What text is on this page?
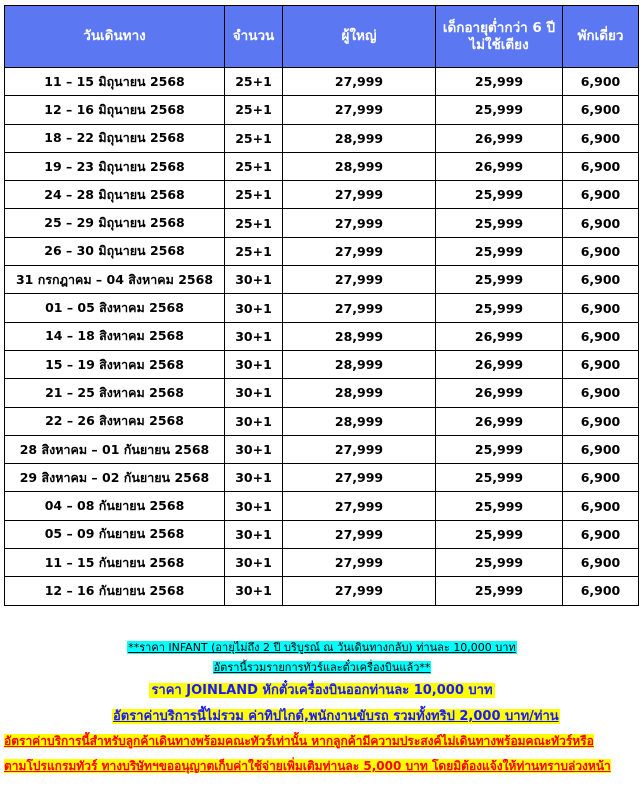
วันเดินทาง	จำนวน	ผู้ใหญ่	เด็กอายุต่ำกว่า 6 ปี ไม่ใช้เตียง	พักเดี่ยว
11 – 15 มิถุนายน 2568	25+1	27,999	25,999	6,900
12 – 16 มิถุนายน 2568	25+1	27,999	25,999	6,900
18 – 22 มิถุนายน 2568	25+1	28,999	26,999	6,900
19 – 23 มิถุนายน 2568	25+1	28,999	26,999	6,900
24 – 28 มิถุนายน 2568	25+1	27,999	25,999	6,900
25 – 29 มิถุนายน 2568	25+1	27,999	25,999	6,900
26 – 30 มิถุนายน 2568	25+1	27,999	25,999	6,900
31 กรกฎาคม – 04 สิงหาคม 2568	30+1	27,999	25,999	6,900
01 – 05 สิงหาคม 2568	30+1	27,999	25,999	6,900
14 – 18 สิงหาคม 2568	30+1	28,999	26,999	6,900
15 – 19 สิงหาคม 2568	30+1	28,999	26,999	6,900
21 – 25 สิงหาคม 2568	30+1	28,999	26,999	6,900
22 – 26 สิงหาคม 2568	30+1	28,999	26,999	6,900
28 สิงหาคม – 01 กันยายน 2568	30+1	27,999	25,999	6,900
29 สิงหาคม – 02 กันยายน 2568	30+1	27,999	25,999	6,900
04 – 08 กันยายน 2568	30+1	27,999	25,999	6,900
05 – 09 กันยายน 2568	30+1	27,999	25,999	6,900
11 – 15 กันยายน 2568	30+1	27,999	25,999	6,900
12 – 16 กันยายน 2568	30+1	27,999	25,999	6,900
**ราคา INFANT (อายุไม่ถึง 2 ปี บริบูรณ์ ณ วันเดินทางกลับ) ท่านละ 10,000 บาท
อัตรานี้รวมรายการทัวร์และตั๋วเครื่องบินแล้ว**
ราคา JOINLAND หักตั๋วเครื่องบินออกท่านละ 10,000 บาท
อัตราค่าบริการนี้ไม่รวม ค่าทิปไกด์,พนักงานขับรถ รวมทั้งทริป 2,000 บาท/ท่าน
อัตราค่าบริการนี้สำหรับลูกค้าเดินทางพร้อมคณะทัวร์เท่านั้น หากลูกค้ามีความประสงค์ไม่เดินทางพร้อมคณะทัวร์หรือ
ตามโปรแกรมทัวร์ ทางบริษัทฯขออนุญาตเก็บค่าใช้จ่ายเพิ่มเติมท่านละ 5,000 บาท โดยมิต้องแจ้งให้ท่านทราบล่วงหน้า
